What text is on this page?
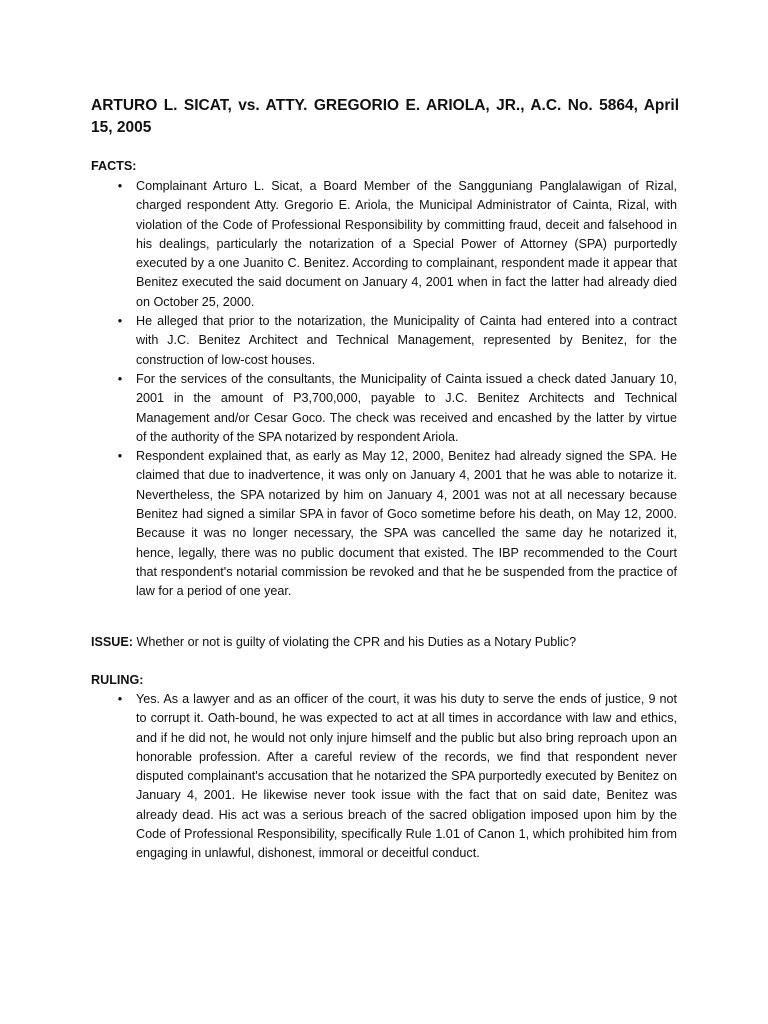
ARTURO L. SICAT, vs. ATTY. GREGORIO E. ARIOLA, JR., A.C. No. 5864, April 15, 2005
FACTS:
•	Complainant Arturo L. Sicat, a Board Member of the Sangguniang Panglalawigan of Rizal, charged respondent Atty. Gregorio E. Ariola, the Municipal Administrator of Cainta, Rizal, with violation of the Code of Professional Responsibility by committing fraud, deceit and falsehood in his dealings, particularly the notarization of a Special Power of Attorney (SPA) purportedly executed by a one Juanito C. Benitez. According to complainant, respondent made it appear that Benitez executed the said document on January 4, 2001 when in fact the latter had already died on October 25, 2000.
•	He alleged that prior to the notarization, the Municipality of Cainta had entered into a contract with J.C. Benitez Architect and Technical Management, represented by Benitez, for the construction of low-cost houses.
•	For the services of the consultants, the Municipality of Cainta issued a check dated January 10, 2001 in the amount of P3,700,000, payable to J.C. Benitez Architects and Technical Management and/or Cesar Goco. The check was received and encashed by the latter by virtue of the authority of the SPA notarized by respondent Ariola.
•	Respondent explained that, as early as May 12, 2000, Benitez had already signed the SPA. He claimed that due to inadvertence, it was only on January 4, 2001 that he was able to notarize it. Nevertheless, the SPA notarized by him on January 4, 2001 was not at all necessary because Benitez had signed a similar SPA in favor of Goco sometime before his death, on May 12, 2000. Because it was no longer necessary, the SPA was cancelled the same day he notarized it, hence, legally, there was no public document that existed. The IBP recommended to the Court that respondent's notarial commission be revoked and that he be suspended from the practice of law for a period of one year.

ISSUE: Whether or not is guilty of violating the CPR and his Duties as a Notary Public?

RULING:
•	Yes. As a lawyer and as an officer of the court, it was his duty to serve the ends of justice, 9 not to corrupt it. Oath-bound, he was expected to act at all times in accordance with law and ethics, and if he did not, he would not only injure himself and the public but also bring reproach upon an honorable profession. After a careful review of the records, we find that respondent never disputed complainant's accusation that he notarized the SPA purportedly executed by Benitez on January 4, 2001. He likewise never took issue with the fact that on said date, Benitez was already dead. His act was a serious breach of the sacred obligation imposed upon him by the Code of Professional Responsibility, specifically Rule 1.01 of Canon 1, which prohibited him from engaging in unlawful, dishonest, immoral or deceitful conduct.
